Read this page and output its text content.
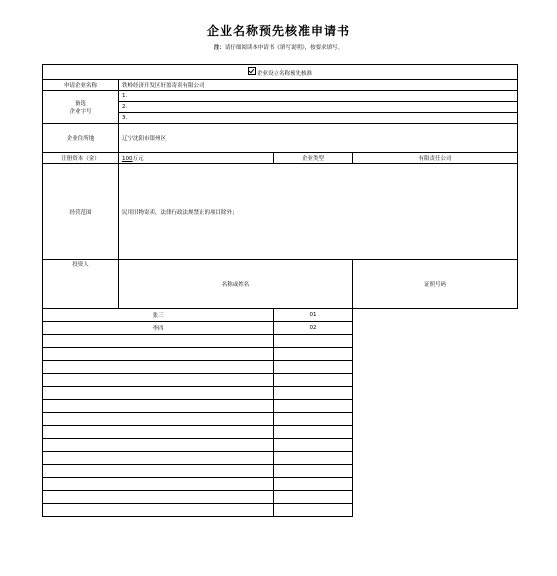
企业名称预先核准申请书
注：请仔细阅读本申请书《填写说明》，按要求填写。
企业设立名称预先核准			
申请企业名称	铁岭经济开发区轩盈寄卖有限公司		

备选
企业字号	1.		
	2.		
	3.		
企业住所地	辽宁沈阳市银州区		
注册资本（金）	100万元	企业类型	有限责任公司
经营范围	民用旧物寄卖，法律行政法规禁止的项目除外；		
投资人	名称或姓名		证照号码
张三		01	
李四		02	
